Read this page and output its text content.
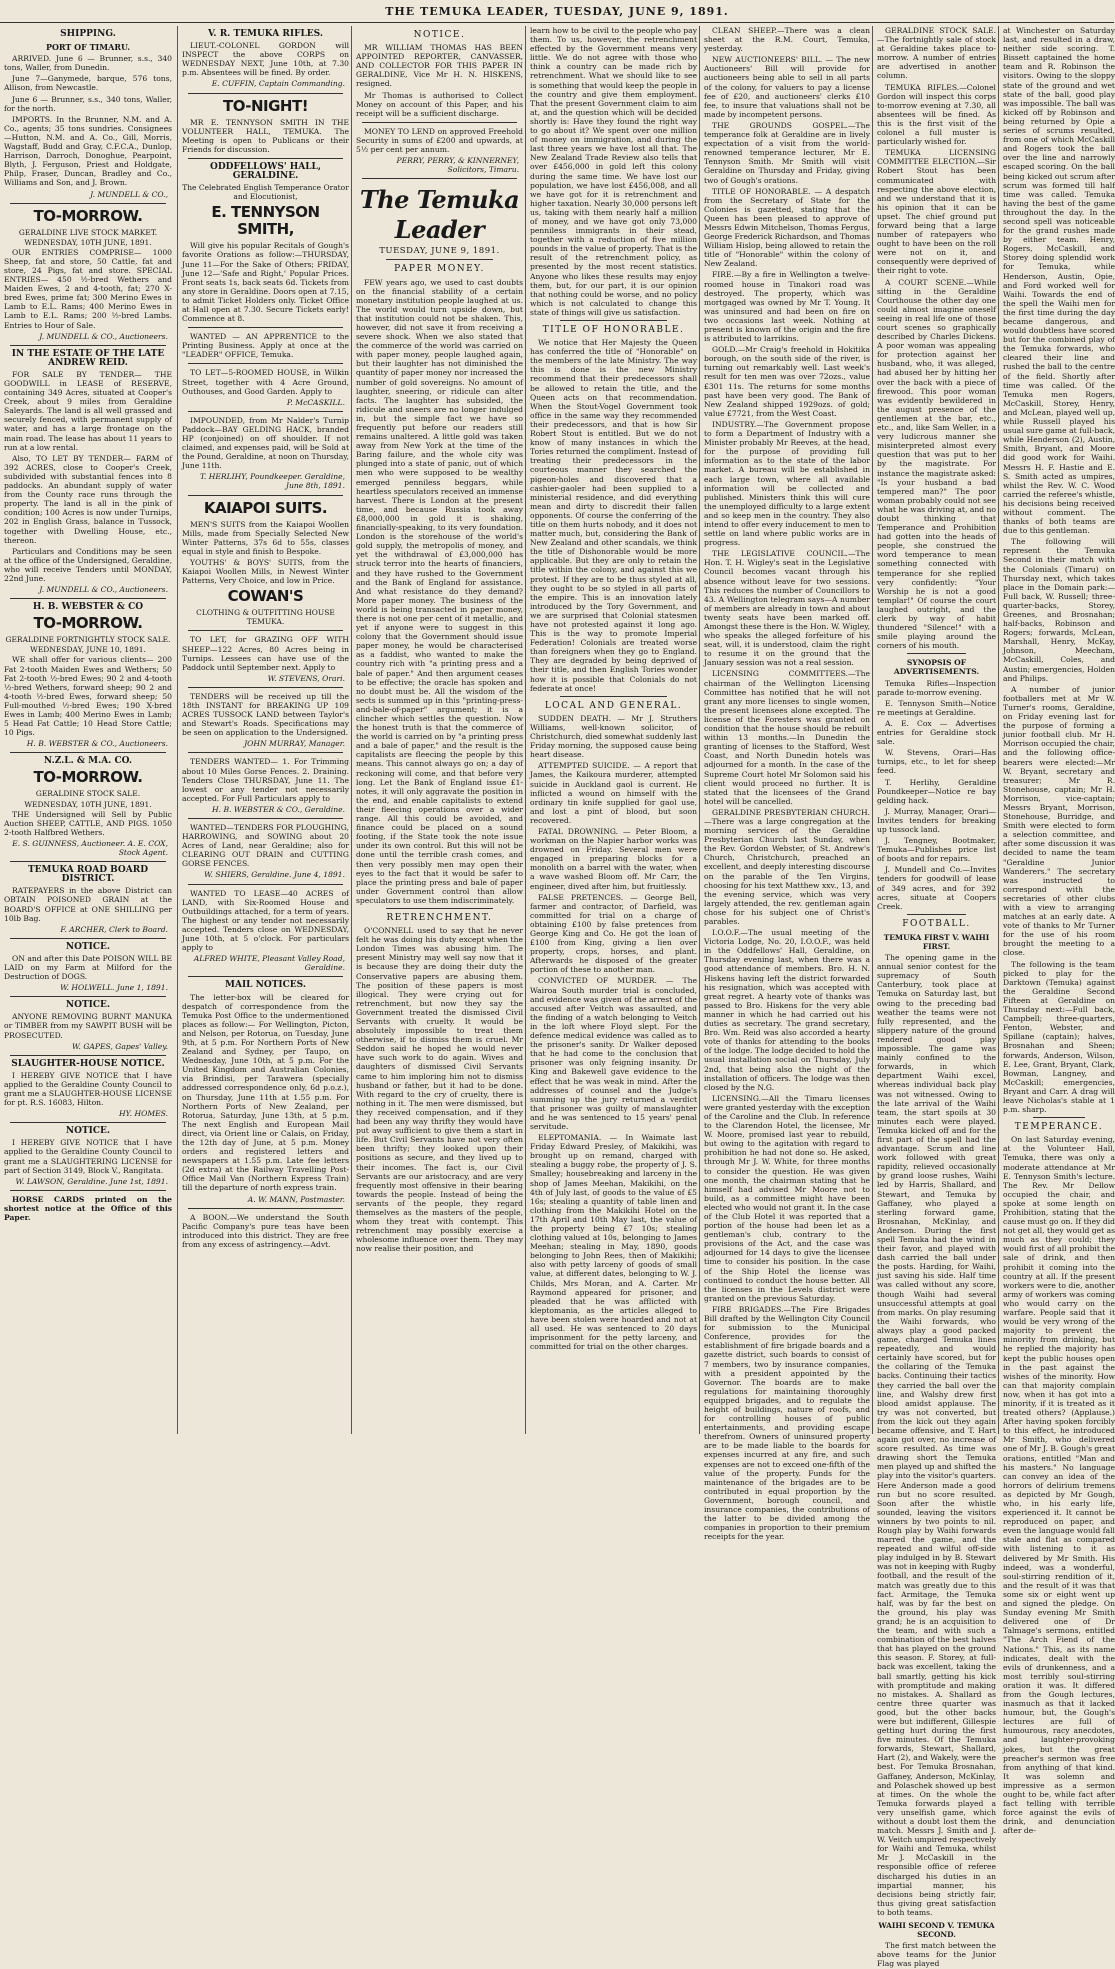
THE TEMUKA LEADER, TUESDAY, JUNE 9, 1891.
SHIPPING.
PORT OF TIMARU.

ARRIVED. June 6 — Brunner, s.s., 340 tons, Waller, from Dunedin.

June 7—Ganymede, barque, 576 tons, Allison, from Newcastle.

June 6 — Brunner, s.s., 340 tons, Waller, for the north.

IMPORTS. In the Brunner, N.M. and A. Co., agents; 35 tons sundries. Consignees—Hutton, N.M. and A. Co., Gill, Morris, Wagstaff, Budd and Gray, C.F.C.A., Dunlop, Harrison, Darroch, Donoghue, Pearpoint, Blyth, J. Ferguson, Priest and Holdgate, Philp, Fraser, Duncan, Bradley and Co., Williams and Son, and J. Brown.

J. MUNDELL & CO.,
TO-MORROW.
GERALDINE LIVE STOCK MARKET.
WEDNESDAY, 10TH JUNE, 1891.

OUR ENTRIES COMPRISE— 1000 Sheep, fat and store, 50 Cattle, fat and store, 24 Pigs, fat and store. SPECIAL ENTRIES— 450 ½-bred Wethers and Maiden Ewes, 2 and 4-tooth, fat; 270 X-bred Ewes, prime fat; 300 Merino Ewes in Lamb to E.L. Rams; 400 Merino Ewes in Lamb to E.L. Rams; 200 ½-bred Lambs. Entries to Hour of Sale.

J. MUNDELL & CO., Auctioneers.
IN THE ESTATE OF THE LATE ANDREW REID.

FOR SALE BY TENDER— THE GOODWILL in LEASE of RESERVE, containing 349 Acres, situated at Cooper's Creek, about 9 miles from Geraldine Saleyards. The land is all well grassed and securely fenced, with permanent supply of water, and has a large frontage on the main road. The lease has about 11 years to run at a low rental.

Also, TO LET BY TENDER— FARM of 392 ACRES, close to Cooper's Creek, subdivided with substantial fences into 8 paddocks. An abundant supply of water from the County race runs through the property. The land is all in the pink of condition; 100 Acres is now under Turnips, 202 in English Grass, balance in Tussock, together with Dwelling House, etc., thereon.

Particulars and Conditions may be seen at the office of the Undersigned, Geraldine, who will receive Tenders until MONDAY, 22nd June.

J. MUNDELL & CO., Auctioneers.
H. B. WEBSTER & CO
TO-MORROW.
GERALDINE FORTNIGHTLY STOCK SALE.
WEDNESDAY, JUNE 10, 1891.

WE shall offer for various clients— 200 Fat 2-tooth Maiden Ewes and Wethers; 50 Fat 2-tooth ½-bred Ewes; 90 2 and 4-tooth ½-bred Wethers, forward sheep; 90 2 and 4-tooth ½-bred Ewes, forward sheep; 50 Full-mouthed ½-bred Ewes; 190 X-bred Ewes in Lamb; 400 Merino Ewes in Lamb; 5 Head Fat Cattle; 10 Head Store Cattle; 10 Pigs.

H. B. WEBSTER & CO., Auctioneers.
N.Z.L. & M.A. CO.
TO-MORROW.
GERALDINE STOCK SALE.
WEDNESDAY, 10TH JUNE, 1891.

THE Undersigned will Sell by Public Auction SHEEP, CATTLE, AND PIGS. 1050 2-tooth Halfbred Wethers.

E. S. GUINNESS, Auctioneer. A. E. COX, Stock Agent.
TEMUKA ROAD BOARD DISTRICT.

RATEPAYERS in the above District can OBTAIN POISONED GRAIN at the BOARD'S OFFICE at ONE SHILLING per 10lb Bag.

F. ARCHER, Clerk to Board.
NOTICE.

ON and after this Date POISON WILL BE LAID on my Farm at Milford for the Destruction of DOGS.

W. HOLWELL. June 1, 1891.
NOTICE.

ANYONE REMOVING BURNT MANUKA or TIMBER from my SAWPIT BUSH will be PROSECUTED.

W. GAPES, Gapes' Valley.
SLAUGHTER-HOUSE NOTICE.

I HEREBY GIVE NOTICE that I have applied to the Geraldine County Council to grant me a SLAUGHTER-HOUSE LICENSE for pt. R.S. 16083, Hilton.

HY. HOMES.
NOTICE.

I HEREBY GIVE NOTICE that I have applied to the Geraldine County Council to grant me a SLAUGHTERING LICENSE for part of Section 3149, Block V., Rangitata.

W. LAWSON, Geraldine. June 1st, 1891.

HORSE CARDS printed on the shortest notice at the Office of this Paper.

V. R. TEMUKA RIFLES.

LIEUT.-COLONEL GORDON will INSPECT the above CORPS on WEDNESDAY NEXT, June 10th, at 7.30 p.m. Absentees will be fined. By order.

E. CUFFIN, Captain Commanding.
TO-NIGHT!

MR E. TENNYSON SMITH IN THE VOLUNTEER HALL, TEMUKA. The Meeting is open to Publicans or their Friends for discussion.

ODDFELLOWS' HALL, GERALDINE.
The Celebrated English Temperance Orator and Elocutionist,
E. TENNYSON SMITH,

Will give his popular Recitals of Gough's favorite Orations as follow:—THURSDAY, June 11—For the Sake of Others; FRIDAY, June 12—'Safe and Right,' Popular Prices. Front seats 1s, back seats 6d. Tickets from any store in Geraldine. Doors open at 7.15, to admit Ticket Holders only. Ticket Office at Hall open at 7.30. Secure Tickets early! Commence at 8.

WANTED — AN APPRENTICE to the Printing Business. Apply at once at the "LEADER" OFFICE, Temuka.

TO LET—5-ROOMED HOUSE, in Wilkin Street, together with 4 Acre Ground, Outhouses, and Good Garden. Apply to

P. McCASKILL.

IMPOUNDED, from Mr Nalder's Turnip Paddock—BAY GELDING HACK, branded HP (conjoined) on off shoulder. If not claimed, and expenses paid, will be Sold at the Pound, Geraldine, at noon on Thursday, June 11th.

T. HERLIHY, Poundkeeper. Geraldine, June 8th, 1891.
KAIAPOI SUITS.

MEN'S SUITS from the Kaiapoi Woollen Mills, made from Specially Selected New Winter Patterns, 37s 6d to 55s, classes equal in style and finish to Bespoke.

YOUTHS' & BOYS' SUITS, from the Kaiapoi Woollen Mills, in Newest Winter Patterns, Very Choice, and low in Price.

COWAN'S
CLOTHING & OUTFITTING HOUSE TEMUKA.

TO LET, for GRAZING OFF WITH SHEEP—122 Acres, 80 Acres being in Turnips. Lessees can have use of the Paddock until September next. Apply to

W. STEVENS, Orari.

TENDERS will be received up till the 18th INSTANT for BREAKING UP 109 ACRES TUSSOCK LAND between Taylor's and Stewart's Roads. Specifications may be seen on application to the Undersigned.

JOHN MURRAY, Manager.

TENDERS WANTED— 1. For Trimming about 10 Miles Gorse Fences. 2. Draining. Tenders Close THURSDAY, June 11. The lowest or any tender not necessarily accepted. For Full Particulars apply to

H. B. WEBSTER & CO., Geraldine.

WANTED—TENDERS FOR PLOUGHING, HARROWING, and SOWING about 20 Acres of Land, near Geraldine; also for CLEARING OUT DRAIN and CUTTING GORSE FENCES.

W. SHIERS, Geraldine. June 4, 1891.

WANTED TO LEASE—40 ACRES of LAND, with Six-Roomed House and Outbuildings attached, for a term of years. The highest or any tender not necessarily accepted. Tenders close on WEDNESDAY, June 10th, at 5 o'clock. For particulars apply to

ALFRED WHITE, Pleasant Valley Road, Geraldine.
MAIL NOTICES.

The letter-box will be cleared for despatch of correspondence from the Temuka Post Office to the undermentioned places as follow:— For Wellington, Picton, and Nelson, per Rotorua, on Tuesday, June 9th, at 5 p.m. For Northern Ports of New Zealand and Sydney, per Taupo, on Wednesday, June 10th, at 5 p.m. For the United Kingdom and Australian Colonies, via Brindisi, per Tarawera (specially addressed correspondence only, 6d p.o.z.), on Thursday, June 11th at 1.55 p.m. For Northern Ports of New Zealand, per Rotorua, Saturday, June 13th, at 5 p.m. The next English and European Mail direct, via Orient line or Calais, on Friday, the 12th day of June, at 5 p.m. Money orders and registered letters and newspapers at 1.55 p.m. Late fee letters (2d extra) at the Railway Travelling Post-Office Mail Van (Northern Express Train) till the departure of north express train.

A. W. MANN, Postmaster.

A BOON.—We understand the South Pacific Company's pure teas have been introduced into this district. They are free from any excess of astringency.—Advt.

NOTICE.

MR WILLIAM THOMAS HAS BEEN APPOINTED REPORTER, CANVASSER, AND COLLECTOR FOR THIS PAPER IN GERALDINE, Vice Mr H. N. HISKENS, resigned.

Mr Thomas is authorised to Collect Money on account of this Paper, and his receipt will be a sufficient discharge.

MONEY TO LEND on approved Freehold Security in sums of £200 and upwards, at 5½ per cent per annum.

PERRY, PERRY, & KINNERNEY, Solicitors, Timaru.
The Temuka Leader
TUESDAY, JUNE 9, 1891.
PAPER MONEY.

FEW years ago, we used to cast doubts on the financial stability of a certain monetary institution people laughed at us. The world would turn upside down, but that institution could not be shaken. This, however, did not save it from receiving a severe shock. When we also stated that the commerce of the world was carried on with paper money, people laughed again, but their laughter has not diminished the quantity of paper money nor increased the number of gold sovereigns. No amount of laughter, sneering, or ridicule can alter facts. The laughter has subsided, the ridicule and sneers are no longer indulged in, but the simple fact we have so frequently put before our readers still remains unaltered. A little gold was taken away from New York at the time of the Baring failure, and the whole city was plunged into a state of panic, out of which men who were supposed to be wealthy emerged penniless beggars, while heartless speculators received an immense harvest. There is London at the present time, and because Russia took away £8,000,000 in gold it is shaking, financially-speaking, to its very foundation. London is the storehouse of the world's gold supply, the metropolis of money, and yet the withdrawal of £3,000,000 has struck terror into the hearts of financiers, and they have rushed to the Government and the Bank of England for assistance. And what resistance do they demand? More paper money. The business of the world is being transacted in paper money, there is not one per cent of it metallic, and yet if anyone were to suggest in this colony that the Government should issue paper money, he would be characterised as a faddist, who wanted to make the country rich with "a printing press and a bale of paper." And then argument ceases to be effective; the oracle has spoken and no doubt must be. All the wisdom of the sects is summed up in this "printing-press-and-bale-of-paper" argument; it is a clincher which settles the question. Now the honest truth is that the commerce of the world is carried on by "a printing press and a bale of paper," and the result is the capitalists are fleecing the people by this means. This cannot always go on; a day of reckoning will come, and that before very long. Let the Bank of England issue £1-notes, it will only aggravate the position in the end, and enable capitalists to extend their fleecing operations over a wider range. All this could be avoided, and finance could be placed on a sound footing, if the State took the note issue under its own control. But this will not be done until the terrible crash comes, and then very possibly men may open their eyes to the fact that it would be safer to place the printing press and bale of paper under Government control than allow speculators to use them indiscriminately.

RETRENCHMENT.

O'CONNELL used to say that he never felt he was doing his duty except when the London Times was abusing him. The present Ministry may well say now that it is because they are doing their duty the Conservative papers are abusing them. The position of these papers is most illogical. They were crying out for retrenchment, but now they say the Government treated the dismissed Civil Servants with cruelty. It would be absolutely impossible to treat them otherwise, if to dismiss them is cruel. Mr Seddon said he hoped he would never have such work to do again. Wives and daughters of dismissed Civil Servants came to him imploring him not to dismiss husband or father, but it had to be done. With regard to the cry of cruelty, there is nothing in it. The men were dismissed, but they received compensation, and if they had been any way thrifty they would have put away sufficient to give them a start in life. But Civil Servants have not very often been thrifty; they looked upon their positions as secure, and they lived up to their incomes. The fact is, our Civil Servants are our aristocracy, and are very frequently most offensive in their bearing towards the people. Instead of being the servants of the people, they regard themselves as the masters of the people, whom they treat with contempt. This retrenchment may possibly exercise a wholesome influence over them. They may now realise their position, and

learn how to be civil to the people who pay them. To us, however, the retrenchment effected by the Government means very little. We do not agree with those who think a country can be made rich by retrenchment. What we should like to see is something that would keep the people in the country and give them employment. That the present Government claim to aim at, and the question which will be decided shortly is: Have they found the right way to go about it? We spent over one million of money on immigration, and during the last three years we have lost all that. The New Zealand Trade Review also tells that over £456,000 in gold left this colony during the same time. We have lost our population, we have lost £456,008, and all we have got for it is retrenchment and higher taxation. Nearly 30,000 persons left us, taking with them nearly half a million of money, and we have got only 73,000 penniless immigrants in their stead, together with a reduction of five million pounds in the value of property. That is the result of the retrenchment policy, as presented by the most recent statistics. Anyone who likes these results may enjoy them, but, for our part, it is our opinion that nothing could be worse, and no policy which is not calculated to change this state of things will give us satisfaction.

TITLE OF HONORABLE.

We notice that Her Majesty the Queen has conferred the title of "Honorable" on the members of the late Ministry. The way this is done is the new Ministry recommend that their predecessors shall be allowed to retain the title, and the Queen acts on that recommendation. When the Stout-Vogel Government took office in the same way they recommended their predecessors, and that is how Sir Robert Stout is entitled. But we do not know of many instances in which the Tories returned the compliment. Instead of treating their predecessors in the courteous manner they searched the pigeon-holes and discovered that a cashier-gaoler had been supplied to a ministerial residence, and did everything mean and dirty to discredit their fallen opponents. Of course the conferring of the title on them hurts nobody, and it does not matter much, but, considering the Bank of New Zealand and other scandals, we think the title of Dishonorable would be more applicable. But they are only to retain the title within the colony, and against this we protest. If they are to be thus styled at all, they ought to be so styled in all parts of the empire. This is an innovation lately introduced by the Tory Government, and we are surprised that Colonial statesmen have not protested against it long ago. This is the way to promote Imperial Federation! Colonials are treated worse than foreigners when they go to England. They are degraded by being deprived of their title, and then English Tories wonder how it is possible that Colonials do not federate at once!

LOCAL AND GENERAL.

SUDDEN DEATH. — Mr J. Struthers Williams, well-known solicitor, of Christchurch, died somewhat suddenly last Friday morning, the supposed cause being heart disease.

ATTEMPTED SUICIDE. — A report that James, the Kaikoura murderer, attempted suicide in Auckland gaol is current. He inflicted a wound on himself with the ordinary tin knife supplied for gaol use, and lost a pint of blood, but soon recovered.

FATAL DROWNING. — Peter Bloom, a workman on the Napier harbor works was drowned on Friday. Several men were engaged in preparing blocks for a monolith on a barrel with the water, when a wave washed Bloom off. Mr Carr, the engineer, dived after him, but fruitlessly.

FALSE PRETENCES. — George Bell, farmer and contractor, of Darfield, was committed for trial on a charge of obtaining £100 by false pretences from George King and Co. He got the loan of £100 from King, giving a lien over property, crops, horses, and plant. Afterwards he disposed of the greater portion of these to another man.

CONVICTED OF MURDER. — The Wairoa South murder trial is concluded, and evidence was given of the arrest of the accused after Veitch was assaulted, and the finding of a watch belonging to Veitch in the loft where Floyd slept. For the defence medical evidence was called as to the prisoner's sanity. Dr Walker deposed that he had come to the conclusion that prisoner was only feigning insanity. Dr King and Bakewell gave evidence to the effect that he was weak in mind. After the addresses of counsel and the Judge's summing up the jury returned a verdict that prisoner was guilty of manslaughter and he was sentenced to 15 years' penal servitude.

ELEPTOMANIA. — In Waimate last Friday Edward Presley, of Makikihi, was brought up on remand, charged with stealing a buggy robe, the property of J. S. Smalley; housebreaking and larceny in the shop of James Meehan, Makikihi, on the 4th of July last, of goods to the value of £5 16s; stealing a quantity of table linen and clothing from the Makikihi Hotel on the 17th April and 10th May last, the value of the property being £7 10s; stealing clothing valued at 10s, belonging to James Meehan; stealing in May, 1890, goods belonging to John Rees, then of Makikihi; also with petty larceny of goods of small value, at different dates, belonging to W. J. Childs, Mrs Moran, and A. Carter. Mr Raymond appeared for prisoner, and pleaded that he was afflicted with kleptomania, as the articles alleged to have been stolen were hoarded and not at all used. He was sentenced to 20 days imprisonment for the petty larceny, and committed for trial on the other charges.

CLEAN SHEEP.—There was a clean sheet at the R.M. Court, Temuka, yesterday.

NEW AUCTIONEERS' BILL. — The new Auctioneers' Bill will provide for auctioneers being able to sell in all parts of the colony, for valuers to pay a license fee of £20, and auctioneers' clerks £10 fee, to insure that valuations shall not be made by incompetent persons.

THE GROUNDS GOSPEL.—The temperance folk at Geraldine are in lively expectation of a visit from the world-renowned temperance lecturer, Mr E. Tennyson Smith. Mr Smith will visit Geraldine on Thursday and Friday, giving two of Gough's orations.

TITLE OF HONORABLE. — A despatch from the Secretary of State for the Colonies is gazetted, stating that the Queen has been pleased to approve of Messrs Edwin Mitchelson, Thomas Fergus, George Frederick Richardson, and Thomas William Hislop, being allowed to retain the title of "Honorable" within the colony of New Zealand.

FIRE.—By a fire in Wellington a twelve-roomed house in Tinakori road was destroyed. The property, which was mortgaged was owned by Mr T. Young. It was uninsured and had been on fire on two occasions last week. Nothing at present is known of the origin and the fire is attributed to larrikins.

GOLD.—Mr Craig's freehold in Hokitika borough, on the south side of the river, is turning out remarkably well. Last week's result for ten men was over 72ozs., value £301 11s. The returns for some months past have been very good. The Bank of New Zealand shipped 1929ozs. of gold; value £7721, from the West Coast.

INDUSTRY.—The Government propose to form a Department of Industry with a Minister probably Mr Reeves, at the head, for the purpose of providing full information as to the state of the labor market. A bureau will be established in each large town, where all available information will be collected and published. Ministers think this will cure the unemployed difficulty to a large extent and so keep men in the country. They also intend to offer every inducement to men to settle on land where public works are in progress.

THE LEGISLATIVE COUNCIL.—The Hon. T. H. Wigley's seat in the Legislative Council becomes vacant through his absence without leave for two sessions. This reduces the number of Councillors to 43. A Wellington telegram says—A number of members are already in town and about twenty seats have been marked off. Amongst these there is the Hon. W. Wigley, who speaks the alleged forfeiture of his seat, will, it is understood, claim the right to resume it on the ground that the January session was not a real session.

LICENSING COMMITTEES.—The chairman of the Wellington Licensing Committee has notified that he will not grant any more licenses to single women, the present licensees alone excepted. The license of the Foresters was granted on condition that the house should be rebuilt within 13 months.—In Dunedin the granting of licenses to the Stafford, West Coast, and North Dunedin hotels was adjourned for a month. In the case of the Supreme Court hotel Mr Solomon said his client would proceed no further. It is stated that the licensees of the Grand hotel will be cancelled.

GERALDINE PRESBYTERIAN CHURCH.—There was a large congregation at the morning services of the Geraldine Presbyterian Church last Sunday, when the Rev. Gordon Webster, of St. Andrew's Church, Christchurch, preached an excellent, and deeply interesting discourse on the parable of the Ten Virgins, choosing for his text Matthew xxv., 13, and the evening service, which was very largely attended, the rev. gentleman again chose for his subject one of Christ's parables.

I.O.O.F.—The usual meeting of the Victoria Lodge, No. 20, I.O.O.F., was held in the Oddfellows' Hall, Geraldine, on Thursday evening last, when there was a good attendance of members. Bro. H. N. Hiskens having left the district forwarded his resignation, which was accepted with great regret. A hearty vote of thanks was passed to Bro. Hiskens for the very able manner in which he had carried out his duties as secretary. The grand secretary, Bro. Wm. Reid was also accorded a hearty vote of thanks for attending to the books of the lodge. The lodge decided to hold the usual installation social on Thursday, July 2nd, that being also the night of the installation of officers. The lodge was then closed by the N.G.

LICENSING.—All the Timaru licenses were granted yesterday with the exception of the Caroline and the Club. In reference to the Clarendon Hotel, the licensee, Mr W. Moore, promised last year to rebuild, but owing to the agitation with regard to prohibition he had not done so. He asked, through Mr J. W. White, for three months to consider the question. He was given one month, the chairman stating that he himself had advised Mr Moore not to build, as a committee might have been elected who would not grant it. In the case of the Club Hotel it was reported that a portion of the house had been let as a gentleman's club, contrary to the provisions of the Act, and the case was adjourned for 14 days to give the licensee time to consider his position. In the case of the Ship Hotel the license was continued to conduct the house better. All the licenses in the Levels district were granted on the previous Saturday.

FIRE BRIGADES.—The Fire Brigades Bill drafted by the Wellington City Council for submission to the Municipal Conference, provides for the establishment of fire brigade boards and a gazette district, such boards to consist of 7 members, two by insurance companies, with a president appointed by the Governor. The boards are to make regulations for maintaining thoroughly equipped brigades, and to regulate the height of buildings, nature of roofs, and for controlling houses of public entertainments, and providing escape therefrom. Owners of uninsured property are to be made liable to the boards for expenses incurred at any fire, and such expenses are not to exceed one-fifth of the value of the property. Funds for the maintenance of the brigades are to be contributed in equal proportion by the Government, borough council, and insurance companies, the contributions of the latter to be divided among the companies in proportion to their premium receipts for the year.

GERALDINE STOCK SALE.—The fortnightly sale of stock at Geraldine takes place to-morrow. A number of entries are advertised in another column.

TEMUKA RIFLES.—Colonel Gordon will inspect this corps to-morrow evening at 7.30, all absentees will be fined. As this is the first visit of the colonel a full muster is particularly wished for.

TEMUKA LICENSING COMMITTEE ELECTION.—Sir Robert Stout has been communicated with respecting the above election, and we understand that it is his opinion that it can be upset. The chief ground put forward being that a large number of ratepayers who ought to have been on the roll were not on it, and consequently were deprived of their right to vote.

A COURT SCENE.—While sitting in the Geraldine Courthouse the other day one could almost imagine oneself seeing in real life one of those court scenes so graphically described by Charles Dickens. A poor woman was appealing for protection against her husband, who, it was alleged, had abused her by hitting her over the back with a piece of firewood. This poor woman was evidently bewildered in the august presence of the gentlemen at the bar, etc., etc., and, like Sam Weller, in a very ludicrous manner she misinterpreted almost every question that was put to her by the magistrate. For instance the magistrate asked: "Is your husband a bad tempered man?" The poor woman probably could not see what he was driving at, and no doubt thinking that Temperance and Prohibition had gotten into the heads of people, she construed the word temperance to mean something connected with temperance for she replied very confidently: "Your Worship he is not a good templar!" Of course the court laughed outright, and the clerk by way of habit thundered "Silence!" with a smile playing around the corners of his mouth.

SYNOPSIS OF ADVERTISEMENTS.

Temuka Rifles—Inspection parade to-morrow evening.

E. Tennyson Smith—Notice re meetings at Geraldine.

A. E. Cox — Advertises entries for Geraldine stock sale.

W. Stevens, Orari—Has turnips, etc., to let for sheep feed.

T. Herlihy, Geraldine Poundkeeper—Notice re bay gelding hack.

J. Murray, Manager, Orari—Invites tenders for breaking up tussock land.

J. Tengney, Bootmaker, Temuka—Publishes price list of boots and for repairs.

J. Mundell and Co.—Invites tenders for goodwill of lease of 349 acres, and for 392 acres, situate at Coopers Creek.

FOOTBALL.
TEMUKA FIRST V. WAIHI FIRST.

The opening game in the annual senior contest for the supremacy of South Canterbury, took place at Temuka on Saturday last, but owing to the preceding bad weather the teams were not fully represented, and the slippery nature of the ground rendered good play impossible. The game was mainly confined to the forwards, in which department Waihi excel, whereas individual back play was not witnessed. Owing to the late arrival of the Waihi team, the start spoils at 30 minutes each were played. Temuka kicked off and for the first part of the spell had the advantage. Scrum and line work followed with great rapidity, relieved occasionally by grand loose rushes, Waihi led by Harris, Shallard, and Stewart, and Temuka by Gaffaney, who played a sterling forward game, Brosnahan, McKinlay, and Anderson. During the first spell Temuka had the wind in their favor, and played with dash carried the ball under the posts. Harding, for Waihi, just saving his side. Half time was called without any score, though Waihi had several unsuccessful attempts at goal from marks. On play resuming the Waihi forwards, who always play a good packed game, charged Temuka lines repeatedly, and would certainly have scored, but for the collaring of the Temuka backs. Continuing their tactics they carried the ball over the line, and Walshy drew first blood amidst applause. The try was not converted, but from the kick out they again became offensive, and T. Hart again got over, no increase of score resulted. As time was drawing short the Temuka men played up and shifted the play into the visitor's quarters. Here Anderson made a good run but no score resulted. Soon after the whistle sounded, leaving the visitors winners by two points to nil. Rough play by Waihi forwards marred the game, and the repeated and wilful off-side play indulged in by B. Stewart was not in keeping with Rugby football, and the result of the match was greatly due to this fact. Armitage, the Temuka half, was by far the best on the ground, his play was grand; he is an acquisition to the team, and with such a combination of the best halves that has played on the ground this season. F. Storey, at full-back was excellent, taking the ball smartly, getting his kick with promptitude and making no mistakes. A. Shallard as centre three quarter was good, but the other backs were but indifferent, Gillespie getting hurt during the first five minutes. Of the Temuka forwards, Stewart, Shallard, Hart (2), and Wakely, were the best. For Temuka Brosnahan, Gaffaney, Anderson, McKinlay, and Polaschek showed up best at times. On the whole the Temuka forwards played a very unselfish game, which without a doubt lost them the match. Messrs J. Smith and J. W. Veitch umpired respectively for Waihi and Temuka, whilst Mr J. McCaskill in the responsible office of referee discharged his duties in an impartial manner, his decisions being strictly fair, thus giving great satisfaction to both teams.

WAIHI SECOND V. TEMUKA SECOND.

The first match between the above teams for the Junior Flag was played

at Winchester on Saturday last, and resulted in a draw, neither side scoring. T. Bissett captained the home team and R. Robinson the visitors. Owing to the sloppy state of the ground and wet state of the ball, good play was impossible. The ball was kicked off by Robinson and being returned by Opie a series of scrums resulted, from one of which McCaskill and Rogers took the ball over the line and narrowly escaped scoring. On the ball being kicked out scrum after scrum was formed till half time was called. Temuka having the best of the game throughout the day. In the second spell was noticeable for the grand rushes made by either team. Henry, Rogers, McCaskill, and Storey doing splendid work for Temuka, while Henderson, Austin, Opie, and Ford worked well for Waihi. Towards the end of the spell the Waihi men for the first time during the day became dangerous, and would doubtless have scored but for the combined play of the Temuka forwards, who cleared their line and rushed the ball to the centre of the field. Shortly after time was called. Of the Temuka men Rogers, McCaskill, Storey, Henry, and McLean, played well up, while Russell played his usual sure game at full-back, while Henderson (2), Austin, Smith, Bryant, and Moore did good work for Waihi. Messrs H. F. Hastie and E. S. Smith acted as umpires, whilst the Rev. W. C. Wood carried the referee's whistle, his decisions being received without comment. The thanks of both teams are due to this gentleman.

The following will represent the Temuka Second in their match with the Colonials (Timaru) on Thursday next, which takes place in the Domain park:—Full back, W. Russell; three-quarter-backs, Storey, Greenes, and Brosnahan; half-backs, Robinson and Rogers; forwards, McLean, Marshall, Henry, McKay, Johnson, Meecham, McCaskill, Coles, and Austin; emergencies, Holden and Philips.

A number of junior footballers met at Mr W. Turner's rooms, Geraldine, on Friday evening last for the purpose of forming a junior football club. Mr H. Morrison occupied the chair, and the following office-bearers were elected:—Mr W. Bryant, secretary and treasurer; Mr R. Stonehouse, captain; Mr H. Morrison, vice-captain; Messrs Bryant, Morrison, Stonehouse, Burridge, and Smith were elected to form a selection committee, and after some discussion it was decided to name the team "Geraldine Junior Wanderers." The secretary was instructed to correspond with the secretaries of other clubs with a view to arranging matches at an early date. A vote of thanks to Mr Turner for the use of his room brought the meeting to a close.

The following is the team picked to play for the Darktown (Temuka) against the Geraldine Second Fifteen at Geraldine on Thursday next:—Full back, Campbell; three-quarters, Fenton, Webster, and Spillane (captain); halves, Brosnahan and Sheen; forwards, Anderson, Wilson, E. Lee, Grant, Bryant, Clark, Bowman, Langney, and McCaskill; emergencies, Bryant and Carr. A drag will leave Nicholas's stable at 1 p.m. sharp.

TEMPERANCE.

On last Saturday evening, at the Volunteer Hall, Temuka, there was only a moderate attendance at Mr E. Tennyson Smith's lecture. The Rev. Mr Dellow occupied the chair, and spoke at some length on Prohibition, stating that the cause must go on. If they did not get all, they would get as much as they could; they would first of all prohibit the sale of drink, and then prohibit it coming into the country at all. If the present workers were to die, another army of workers was coming who would carry on the warfare. People said that it would be very wrong of the majority to prevent the minority from drinking, but he replied the majority has kept the public houses open in the past against the wishes of the minority. How can that majority complain now, when it has got into a minority, if it is treated as it treated others? (Applause.) After having spoken forcibly to this effect, he introduced Mr Smith, who delivered one of Mr J. B. Gough's great orations, entitled "Man and his masters." No language can convey an idea of the horrors of delirium tremens as depicted by Mr Gough, who, in his early life, experienced it. It cannot be reproduced on paper, and even the language would fall stale and flat as compared with listening to it as delivered by Mr Smith. His indeed, was a wonderful, soul-stirring rendition of it, and the result of it was that some six or eight went up and signed the pledge. On Sunday evening Mr Smith delivered one of Dr Talmage's sermons, entitled "The Arch Fiend of the Nations." This, as its name indicates, dealt with the evils of drunkenness, and a most terribly soul-stirring oration it was. It differed from the Gough lectures, inasmuch as that it lacked humour, but, the Gough's lectures are full of humourous, racy anecdotes, and laughter-provoking jokes, but the great preacher's sermon was free from anything of that kind. It was solemn and impressive as a sermon ought to be, while fact after fact telling with terrible force against the evils of drink, and denunciation after de-
